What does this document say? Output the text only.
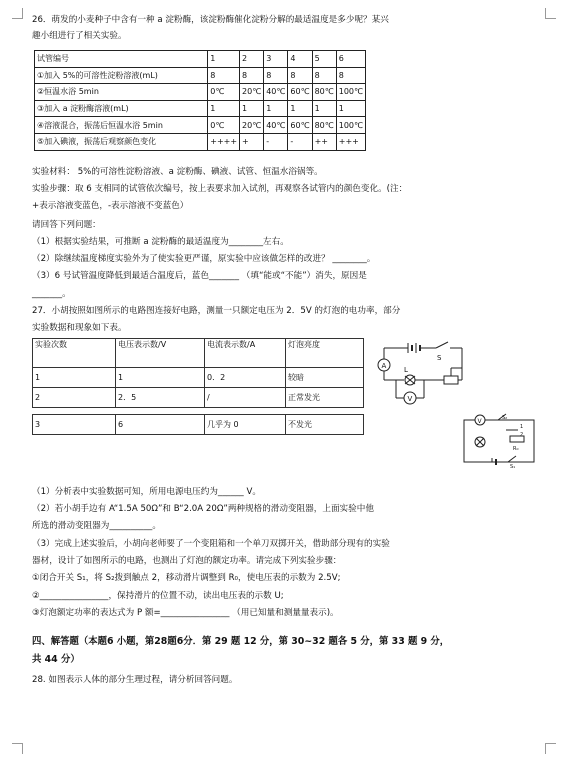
26．萌发的小麦种子中含有一种 a 淀粉酶，该淀粉酶催化淀粉分解的最适温度是多少呢？某兴
趣小组进行了相关实验。
试管编号	1	2	3	4	5	6
①加入 5%的可溶性淀粉溶液(mL)	8	8	8	8	8	8
②恒温水浴 5min	0℃	20℃	40℃	60℃	80℃	100℃
③加入 a 淀粉酶溶液(mL)	1	1	1	1	1	1
④溶液混合，振荡后恒温水浴 5min	0℃	20℃	40℃	60℃	80℃	100℃
⑤加入碘液，振荡后观察颜色变化	++++	+	-	-	++	+++
实验材料： 5%的可溶性淀粉溶液、a 淀粉酶、碘液、试管、恒温水浴锅等。
实验步骤：取 6 支相同的试管依次编号，按上表要求加入试剂，再观察各试管内的颜色变化。(注：
+表示溶液变蓝色，-表示溶液不变蓝色）
请回答下列问题：
（1）根据实验结果，可推断 a 淀粉酶的最适温度为________左右。
（2）除继续温度梯度实验外为了使实验更严谨，原实验中应该做怎样的改进？ ________。
（3）6 号试管温度降低到最适合温度后，蓝色_______ （填“能或“不能”）消失，原因是
_______。
27．小胡按照如图所示的电路图连接好电路，测量一只额定电压为 2．5V 的灯泡的电功率，部分
实验数据和现象如下表。
实验次数	电压表示数/V	电流表示数/A	灯泡亮度
1	1	0．2	较暗
2	2．5	/	正常发光

3	6	几乎为 0	不发光
S
A	L
V
V	S₂
R₀
S₁
1
2
（1）分析表中实验数据可知，所用电源电压约为______ V。
（2）若小胡手边有 A“1.5A 50Ω”和 B“2.0A 20Ω”两种规格的滑动变阻器，上面实验中他
所选的滑动变阻器为__________。
（3）完成上述实验后，小胡向老师要了一个变阻箱和一个单刀双掷开关，借助部分现有的实验
器材，设计了如图所示的电路，也测出了灯泡的额定功率。请完成下列实验步骤：
①闭合开关 S₁，将 S₂拨到触点 2，移动滑片调整到 R₀，使电压表的示数为 2.5V;
②________________，保持滑片的位置不动，读出电压表的示数 U;
③灯泡额定功率的表达式为 P 额=________________ （用已知量和测量量表示)。
四、解答题（本题6 小题，第28题6分．第 29 题 12 分，第 30~32 题各 5 分，第 33 题 9 分，
共 44 分）
28. 如图表示人体的部分生理过程，请分析回答问题。
